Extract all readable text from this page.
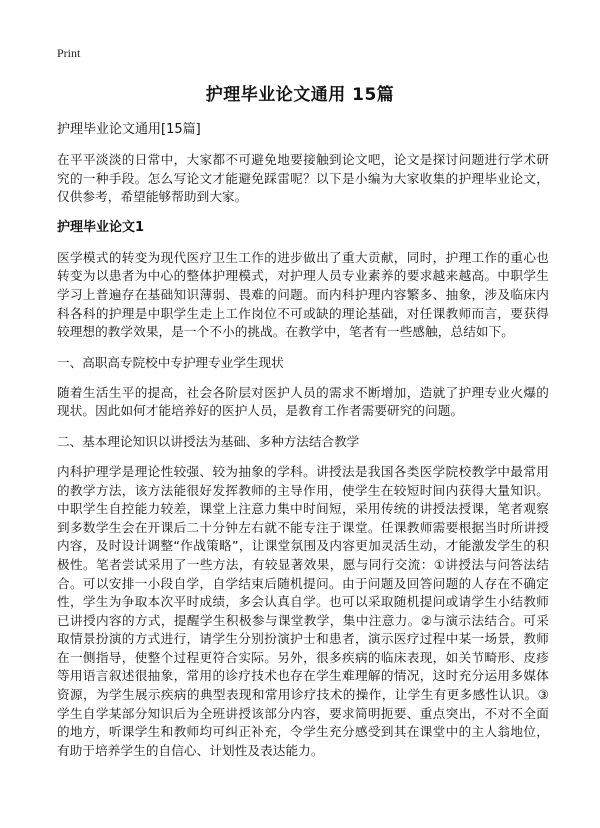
Print
护理毕业论文通用 15篇
护理毕业论文通用[15篇]

在平平淡淡的日常中，大家都不可避免地要接触到论文吧，论文是探讨问题进行学术研究的一种手段。怎么写论文才能避免踩雷呢？以下是小编为大家收集的护理毕业论文，仅供参考，希望能够帮助到大家。

护理毕业论文1

医学模式的转变为现代医疗卫生工作的进步做出了重大贡献，同时，护理工作的重心也转变为以患者为中心的整体护理模式，对护理人员专业素养的要求越来越高。中职学生学习上普遍存在基础知识薄弱、畏难的问题。而内科护理内容繁多、抽象，涉及临床内科各科的护理是中职学生走上工作岗位不可或缺的理论基础，对任课教师而言，要获得较理想的教学效果，是一个不小的挑战。在教学中，笔者有一些感触，总结如下。

一、高职高专院校中专护理专业学生现状

随着生活生平的提高，社会各阶层对医护人员的需求不断增加，造就了护理专业火爆的现状。因此如何才能培养好的医护人员，是教育工作者需要研究的问题。

二、基本理论知识以讲授法为基础、多种方法结合教学

内科护理学是理论性较强、较为抽象的学科。讲授法是我国各类医学院校教学中最常用的教学方法，该方法能很好发挥教师的主导作用，使学生在较短时间内获得大量知识。中职学生自控能力较差，课堂上注意力集中时间短，采用传统的讲授法授课，笔者观察到多数学生会在开课后二十分钟左右就不能专注于课堂。任课教师需要根据当时所讲授内容，及时设计调整“作战策略”，让课堂氛围及内容更加灵活生动，才能激发学生的积极性。笔者尝试采用了一些方法，有较显著效果，愿与同行交流：①讲授法与问答法结合。可以安排一小段自学，自学结束后随机提问。由于问题及回答问题的人存在不确定性，学生为争取本次平时成绩，多会认真自学。也可以采取随机提问或请学生小结教师已讲授内容的方式，提醒学生积极参与课堂教学，集中注意力。②与演示法结合。可采取情景扮演的方式进行，请学生分别扮演护士和患者，演示医疗过程中某一场景，教师在一侧指导，使整个过程更符合实际。另外，很多疾病的临床表现，如关节畸形、皮疹等用语言叙述很抽象，常用的诊疗技术也存在学生难理解的情况，这时充分运用多媒体资源，为学生展示疾病的典型表现和常用诊疗技术的操作，让学生有更多感性认识。③学生自学某部分知识后为全班讲授该部分内容，要求简明扼要、重点突出，不对不全面的地方，听课学生和教师均可纠正补充，令学生充分感受到其在课堂中的主人翁地位，有助于培养学生的自信心、计划性及表达能力。
